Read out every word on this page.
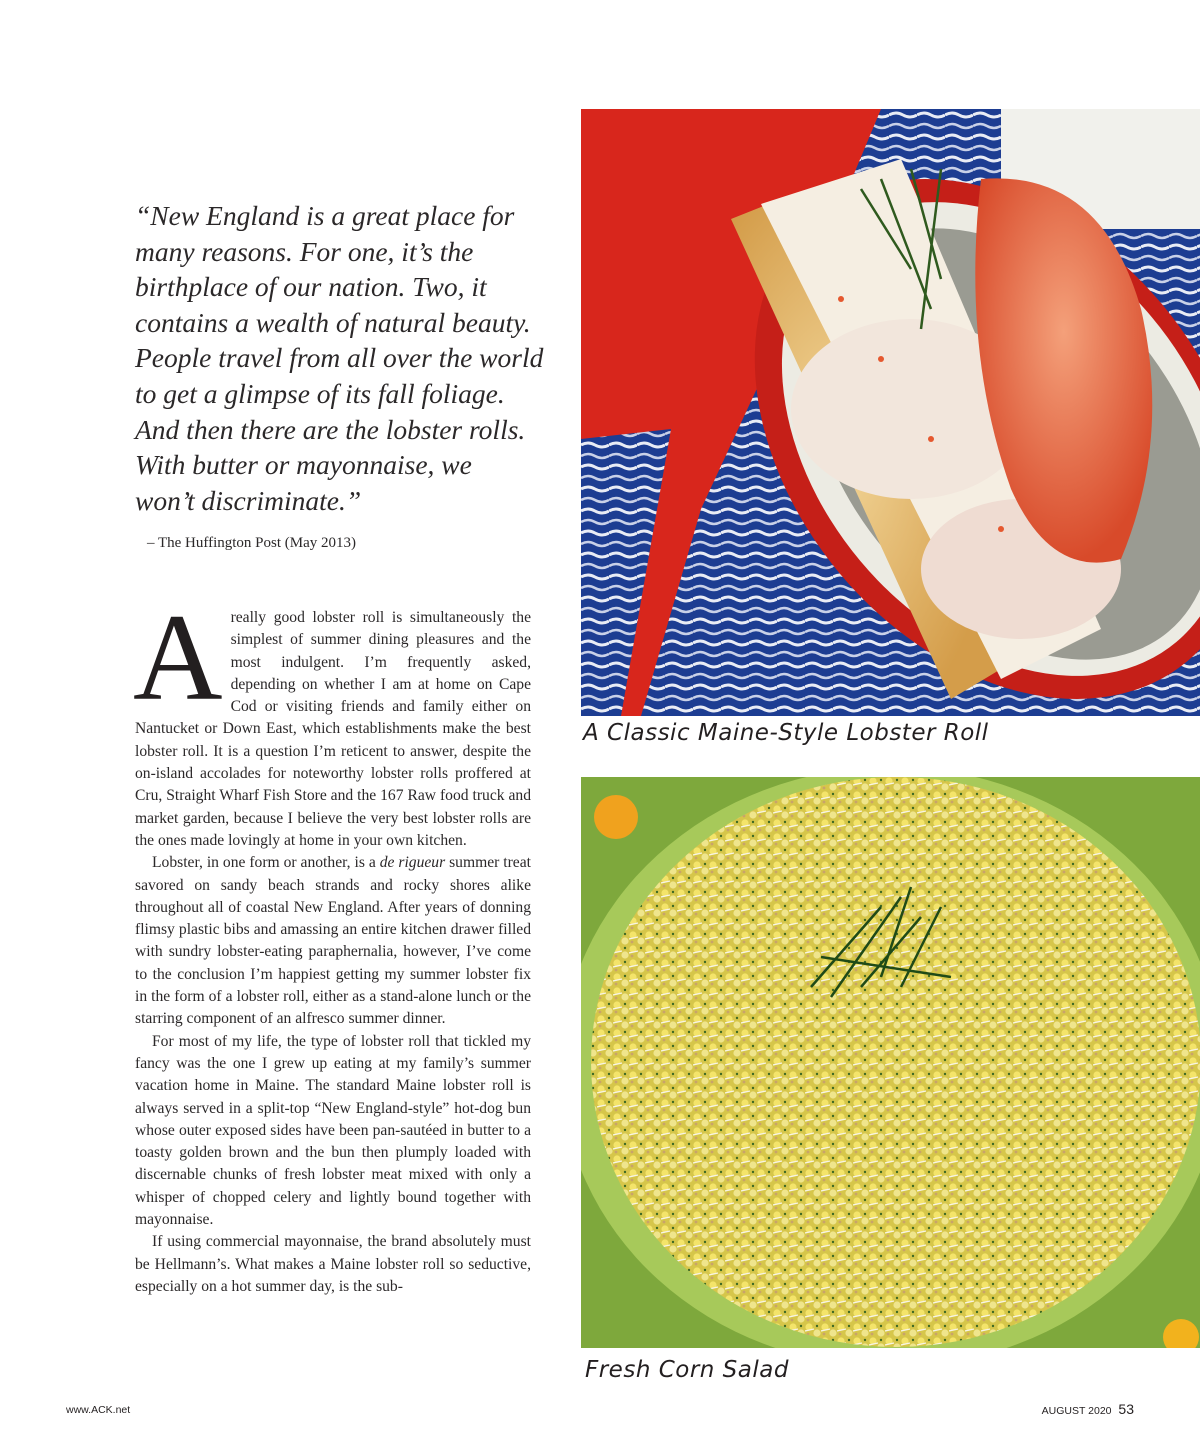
“New England is a great place for
many reasons. For one, it’s the
birthplace of our nation. Two, it
contains a wealth of natural beauty.
People travel from all over the world
to get a glimpse of its fall foliage.
And then there are the lobster rolls.
With butter or mayonnaise, we
won’t discriminate.”
– The Huffington Post (May 2013)

A really good lobster roll is simultaneously the simplest of summer dining pleasures and the most indulgent. I’m frequently asked, depending on whether I am at home on Cape Cod or visiting friends and family either on Nantucket or Down East, which establishments make the best lobster roll. It is a question I’m reticent to answer, despite the on-island accolades for noteworthy lobster rolls proffered at Cru, Straight Wharf Fish Store and the 167 Raw food truck and market garden, because I believe the very best lobster rolls are the ones made lovingly at home in your own kitchen.

Lobster, in one form or another, is a de rigueur summer treat savored on sandy beach strands and rocky shores alike throughout all of coastal New England. After years of donning flimsy plastic bibs and amassing an entire kitchen drawer filled with sundry lobster-eating paraphernalia, however, I’ve come to the conclusion I’m happiest getting my summer lobster fix in the form of a lobster roll, either as a stand-alone lunch or the starring component of an alfresco summer dinner.

For most of my life, the type of lobster roll that tickled my fancy was the one I grew up eating at my family’s summer vacation home in Maine. The standard Maine lobster roll is always served in a split-top “New England-style” hot-dog bun whose outer exposed sides have been pan-sautéed in butter to a toasty golden brown and the bun then plumply loaded with discernable chunks of fresh lobster meat mixed with only a whisper of chopped celery and lightly bound together with mayonnaise.

If using commercial mayonnaise, the brand absolutely must be Hellmann’s. What makes a Maine lobster roll so seductive, especially on a hot summer day, is the sub-

A Classic Maine-Style Lobster Roll
Fresh Corn Salad
www.ACK.net	AUGUST 2020 53
